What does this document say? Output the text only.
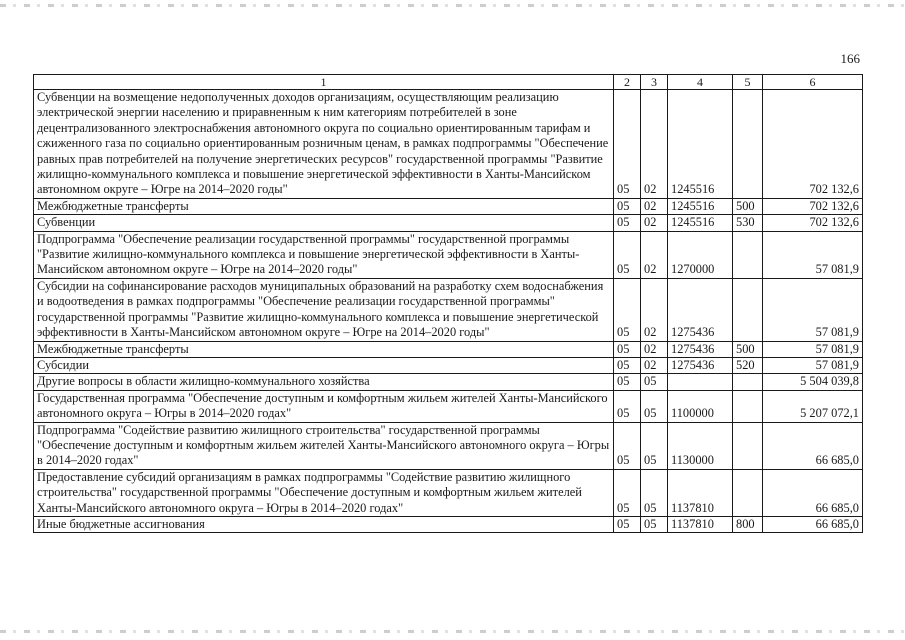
166
1	2	3	4	5	6
Субвенции на возмещение недополученных доходов организациям, осуществляющим реализацию электрической энергии населению и приравненным к ним категориям потребителей в зоне децентрализованного электроснабжения автономного округа по социально ориентированным тарифам и сжиженного газа по социально ориентированным розничным ценам, в рамках подпрограммы "Обеспечение равных прав потребителей на получение энергетических ресурсов" государственной программы "Развитие жилищно-коммунального комплекса и повышение энергетической эффективности в Ханты-Мансийском автономном округе – Югре на 2014–2020 годы"	05	02	1245516		702 132,6
Межбюджетные трансферты	05	02	1245516	500	702 132,6
Субвенции	05	02	1245516	530	702 132,6
Подпрограмма "Обеспечение реализации государственной программы" государственной программы "Развитие жилищно-коммунального комплекса и повышение энергетической эффективности в Ханты-Мансийском автономном округе – Югре на 2014–2020 годы"	05	02	1270000		57 081,9
Субсидии на софинансирование расходов муниципальных образований на разработку схем водоснабжения и водоотведения в рамках подпрограммы "Обеспечение реализации государственной программы" государственной программы "Развитие жилищно-коммунального комплекса и повышение энергетической эффективности в Ханты-Мансийском автономном округе – Югре на 2014–2020 годы"	05	02	1275436		57 081,9
Межбюджетные трансферты	05	02	1275436	500	57 081,9
Субсидии	05	02	1275436	520	57 081,9
Другие вопросы в области жилищно-коммунального хозяйства	05	05			5 504 039,8
Государственная программа "Обеспечение доступным и комфортным жильем жителей Ханты-Мансийского автономного округа – Югры в 2014–2020 годах"	05	05	1100000		5 207 072,1
Подпрограмма "Содействие развитию жилищного строительства" государственной программы "Обеспечение доступным и комфортным жильем жителей Ханты-Мансийского автономного округа – Югры в 2014–2020 годах"	05	05	1130000		66 685,0
Предоставление субсидий организациям в рамках подпрограммы "Содействие развитию жилищного строительства" государственной программы "Обеспечение доступным и комфортным жильем жителей Ханты-Мансийского автономного округа – Югры в 2014–2020 годах"	05	05	1137810		66 685,0
Иные бюджетные ассигнования	05	05	1137810	800	66 685,0
